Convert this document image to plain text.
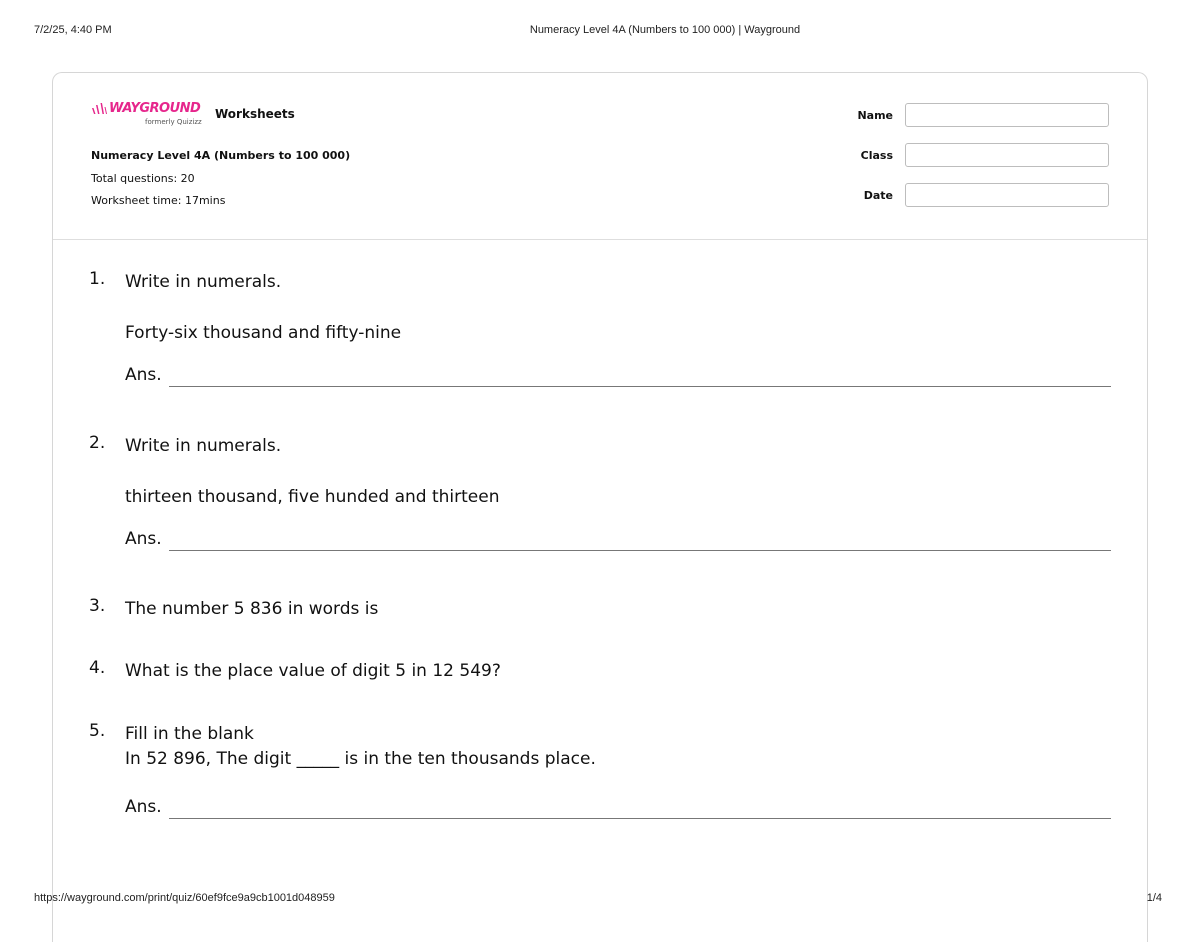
7/2/25, 4:40 PM	Numeracy Level 4A (Numbers to 100 000) | Wayground
WAYGROUND
formerly Quizizz
Worksheets
Numeracy Level 4A (Numbers to 100 000)
Total questions: 20
Worksheet time: 17mins
Name
Class
Date
1. Write in numerals.
Forty-six thousand and fifty-nine
Ans.
2. Write in numerals.
thirteen thousand, five hunded and thirteen
Ans.
3. The number 5 836 in words is
4. What is the place value of digit 5 in 12 549?
5. Fill in the blank
In 52 896, The digit _____ is in the ten thousands place.
Ans.
https://wayground.com/print/quiz/60ef9fce9a9cb1001d048959	1/4
